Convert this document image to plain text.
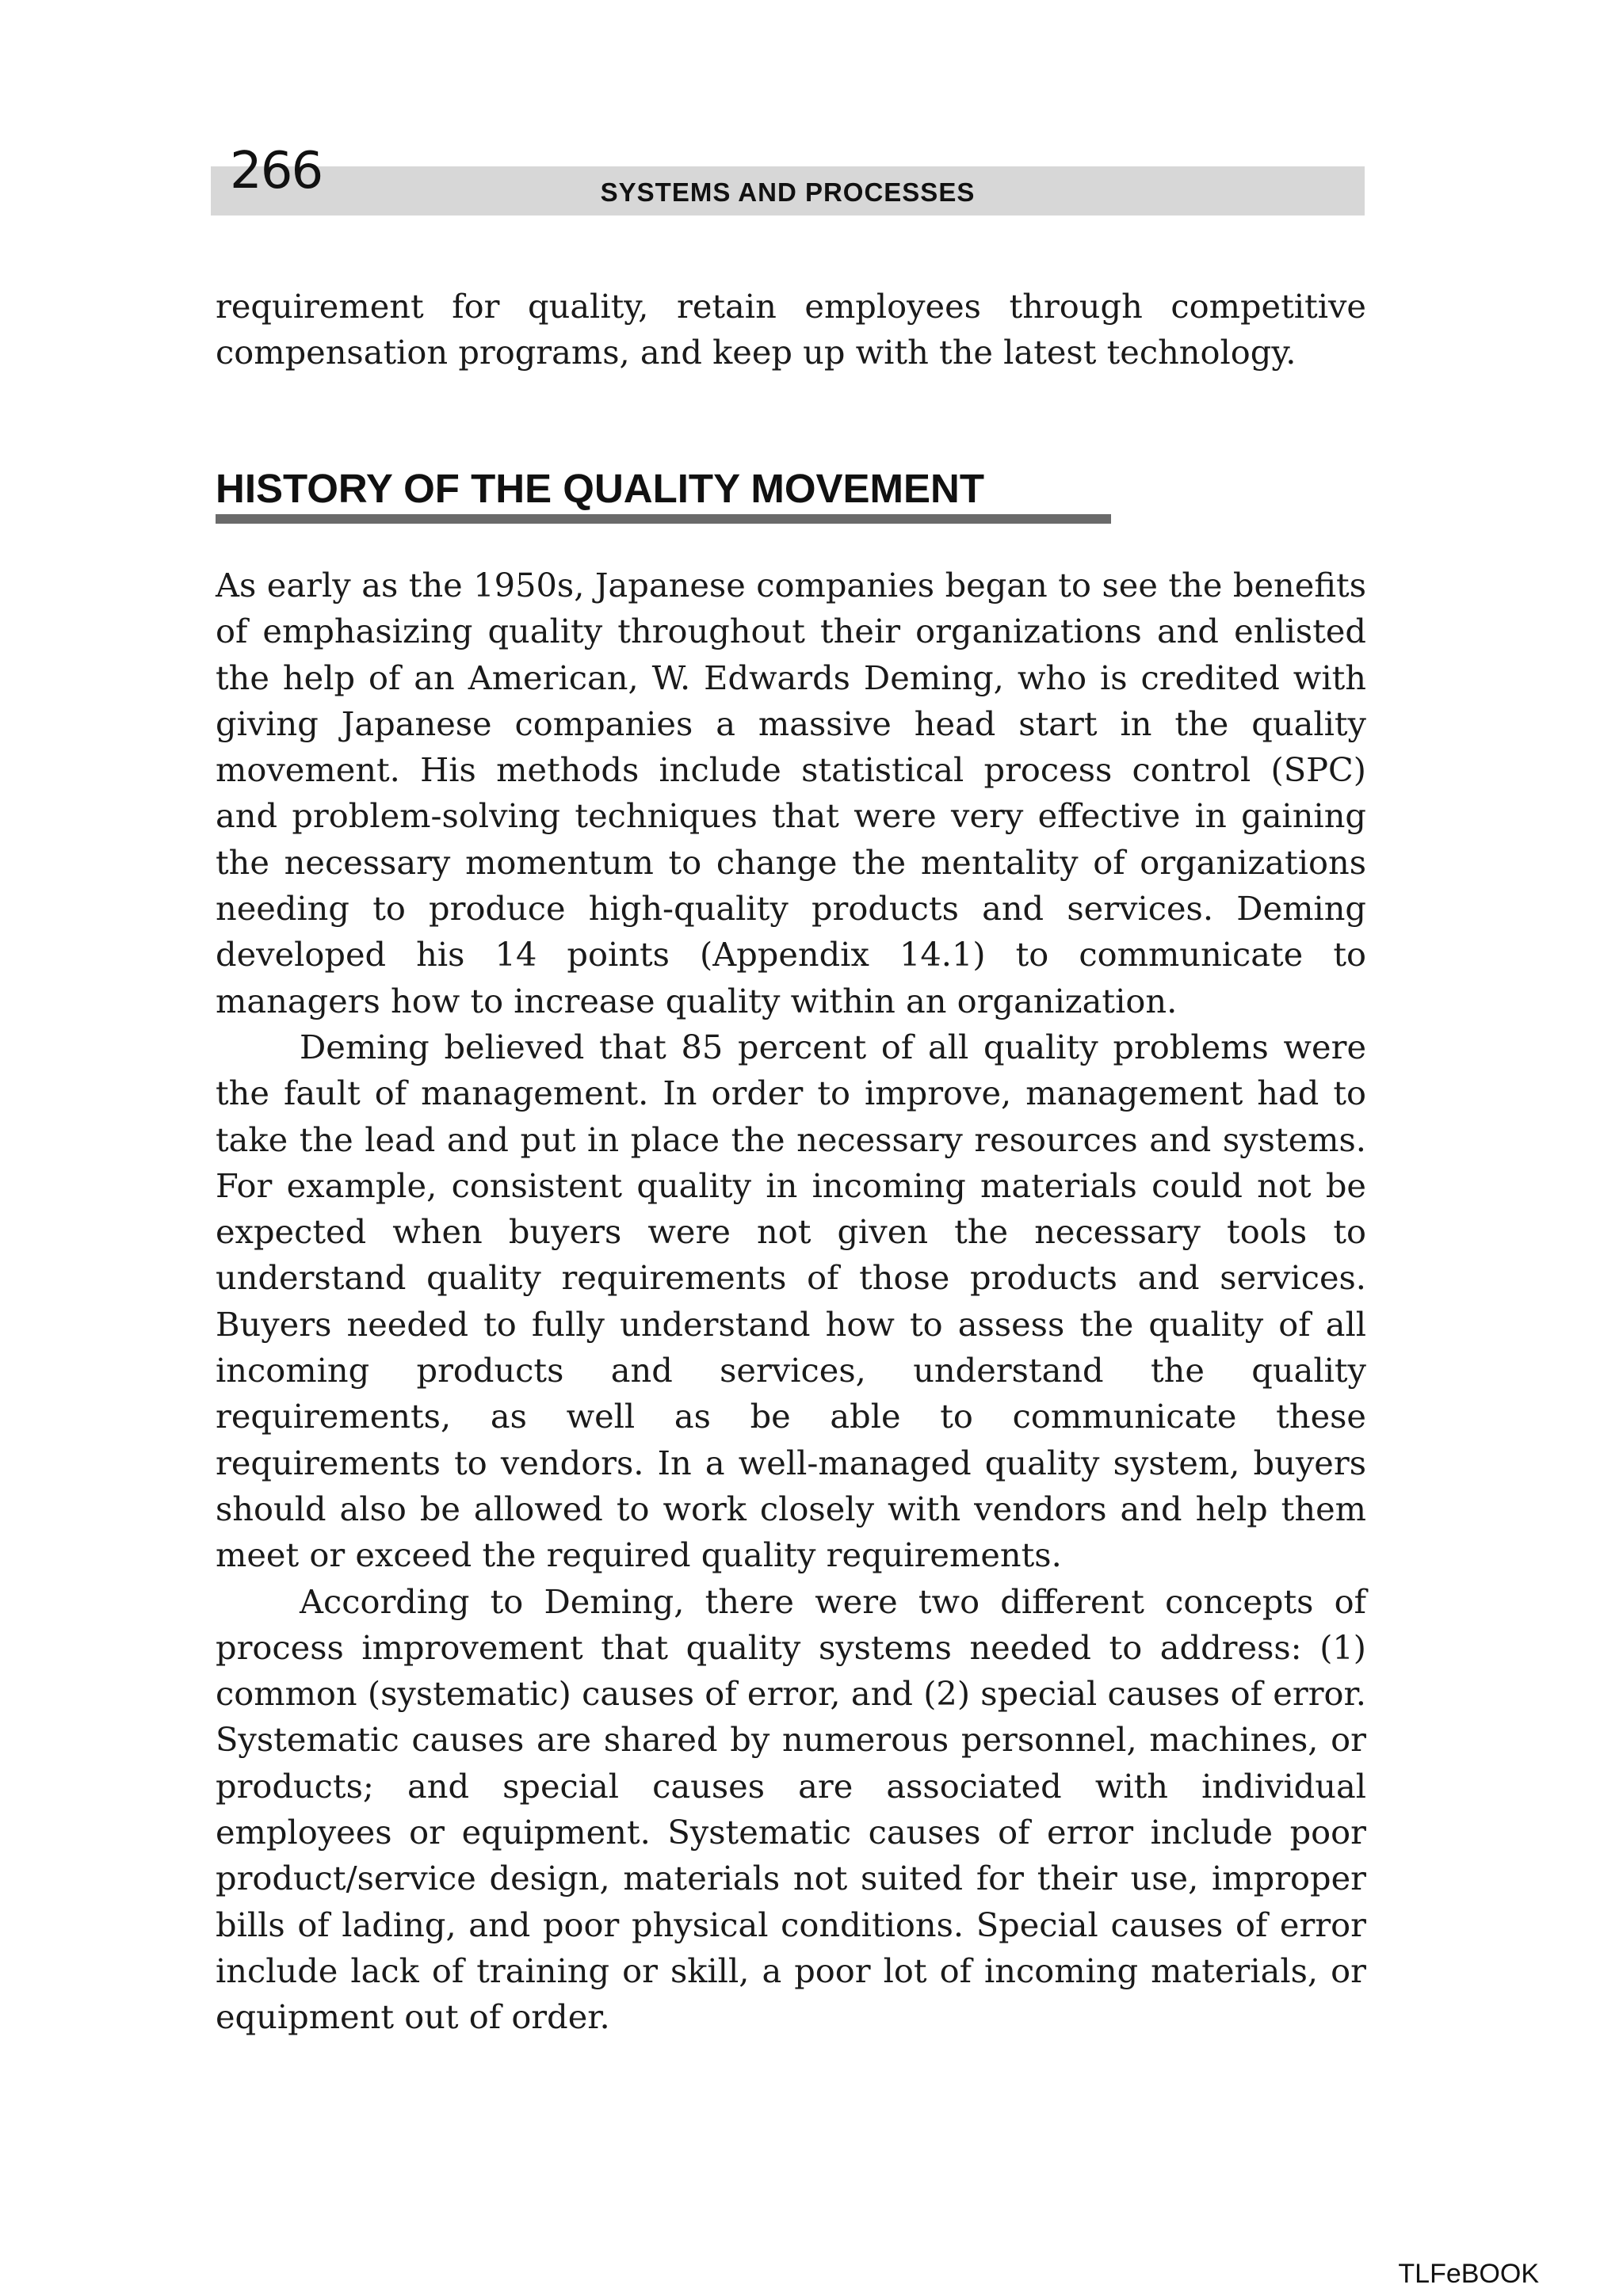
266	SYSTEMS AND PROCESSES
requirement for quality, retain employees through competitive compensation programs, and keep up with the latest technology.
HISTORY OF THE QUALITY MOVEMENT

As early as the 1950s, Japanese companies began to see the benefits of emphasizing quality throughout their organizations and enlisted the help of an American, W. Edwards Deming, who is credited with giving Japanese companies a massive head start in the quality movement. His methods include statistical process control (SPC) and problem-solving techniques that were very effective in gaining the necessary momentum to change the mentality of organizations needing to produce high-quality products and services. Deming developed his 14 points (Appendix 14.1) to communicate to managers how to increase quality within an organization.

Deming believed that 85 percent of all quality problems were the fault of management. In order to improve, management had to take the lead and put in place the necessary resources and systems. For example, consistent quality in incoming materials could not be expected when buyers were not given the necessary tools to understand quality requirements of those products and services. Buyers needed to fully understand how to assess the quality of all incoming products and services, understand the quality requirements, as well as be able to communicate these requirements to vendors. In a well-managed quality system, buyers should also be allowed to work closely with vendors and help them meet or exceed the required quality requirements.

According to Deming, there were two different concepts of process improvement that quality systems needed to address: (1) common (systematic) causes of error, and (2) special causes of error. Systematic causes are shared by numerous personnel, machines, or products; and special causes are associated with individual employees or equipment. Systematic causes of error include poor product/service design, materials not suited for their use, improper bills of lading, and poor physical conditions. Special causes of error include lack of training or skill, a poor lot of incoming materials, or equipment out of order.

TLFeBOOK
